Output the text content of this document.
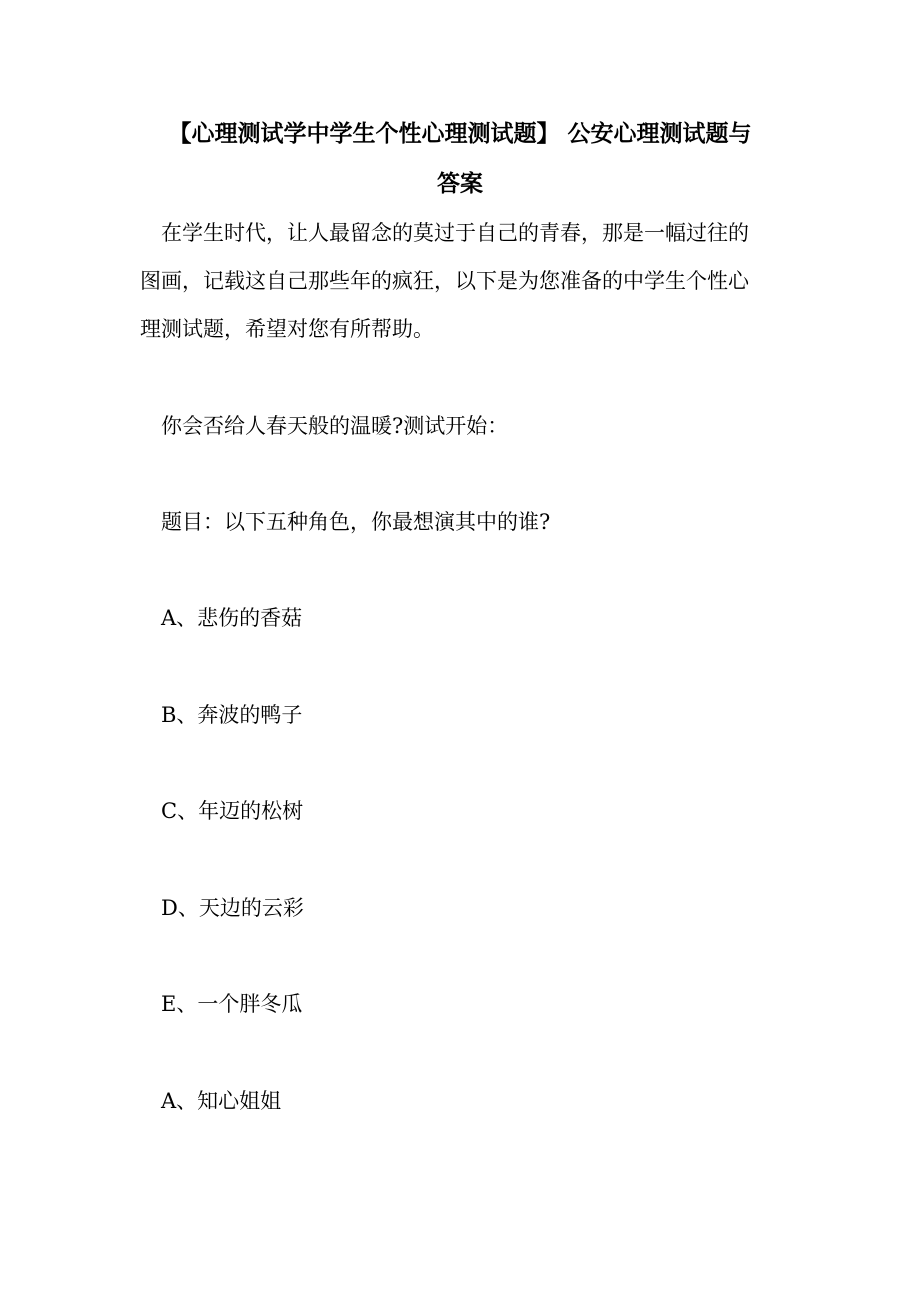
【心理测试学中学生个性心理测试题】 公安心理测试题与
答案

在学生时代，让人最留念的莫过于自己的青春，那是一幅过往的

图画，记载这自己那些年的疯狂，以下是为您准备的中学生个性心

理测试题，希望对您有所帮助。

你会否给人春天般的温暖?测试开始：

题目：以下五种角色，你最想演其中的谁?

A、悲伤的香菇

B、奔波的鸭子

C、年迈的松树

D、天边的云彩

E、一个胖冬瓜

A、知心姐姐
